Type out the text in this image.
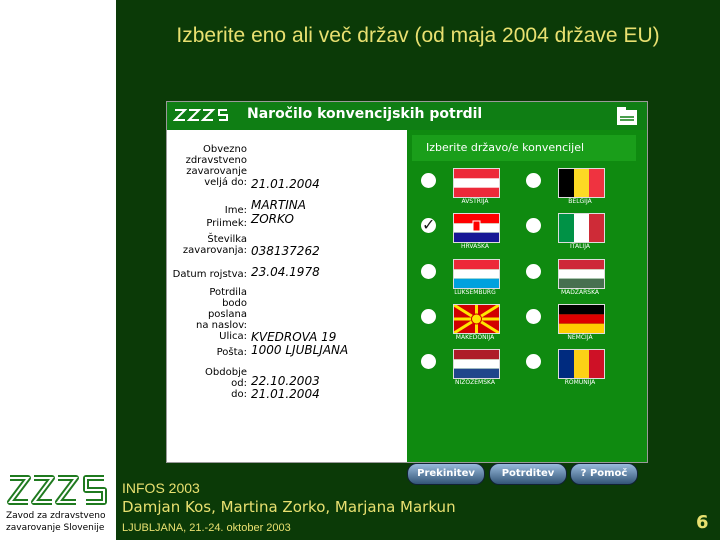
Izberite eno ali več držav (od maja 2004 države EU)
Naročilo konvencijskih potrdil
Obvezno
zdravstveno
zavarovanje
veljá do: 21.01.2004
Ime: MARTINA
Priimek: ZORKO
Številka
zavarovanja: 038137262
Datum rojstva: 23.04.1978
Potrdila
bodo
poslana
na naslov:
Ulica: KVEDROVA 19
Pošta: 1000 LJUBLJANA
Obdobje
od: 22.10.2003
do: 21.01.2004
Izberite državo/e konvencijel
AVSTRIJA	BELGIJA
✓
HRVAŠKA	ITALIJA
LUKSEMBURG	MADŽARSKA
MAKEDONIJA	NEMČIJA
NIZOZEMSKA	ROMUNIJA
Prekinitev	Potrditev	? Pomoč
Zavod za zdravstveno
zavarovanje Slovenije
INFOS 2003
Damjan Kos, Martina Zorko, Marjana Markun
LJUBLJANA, 21.-24. oktober 2003	6
